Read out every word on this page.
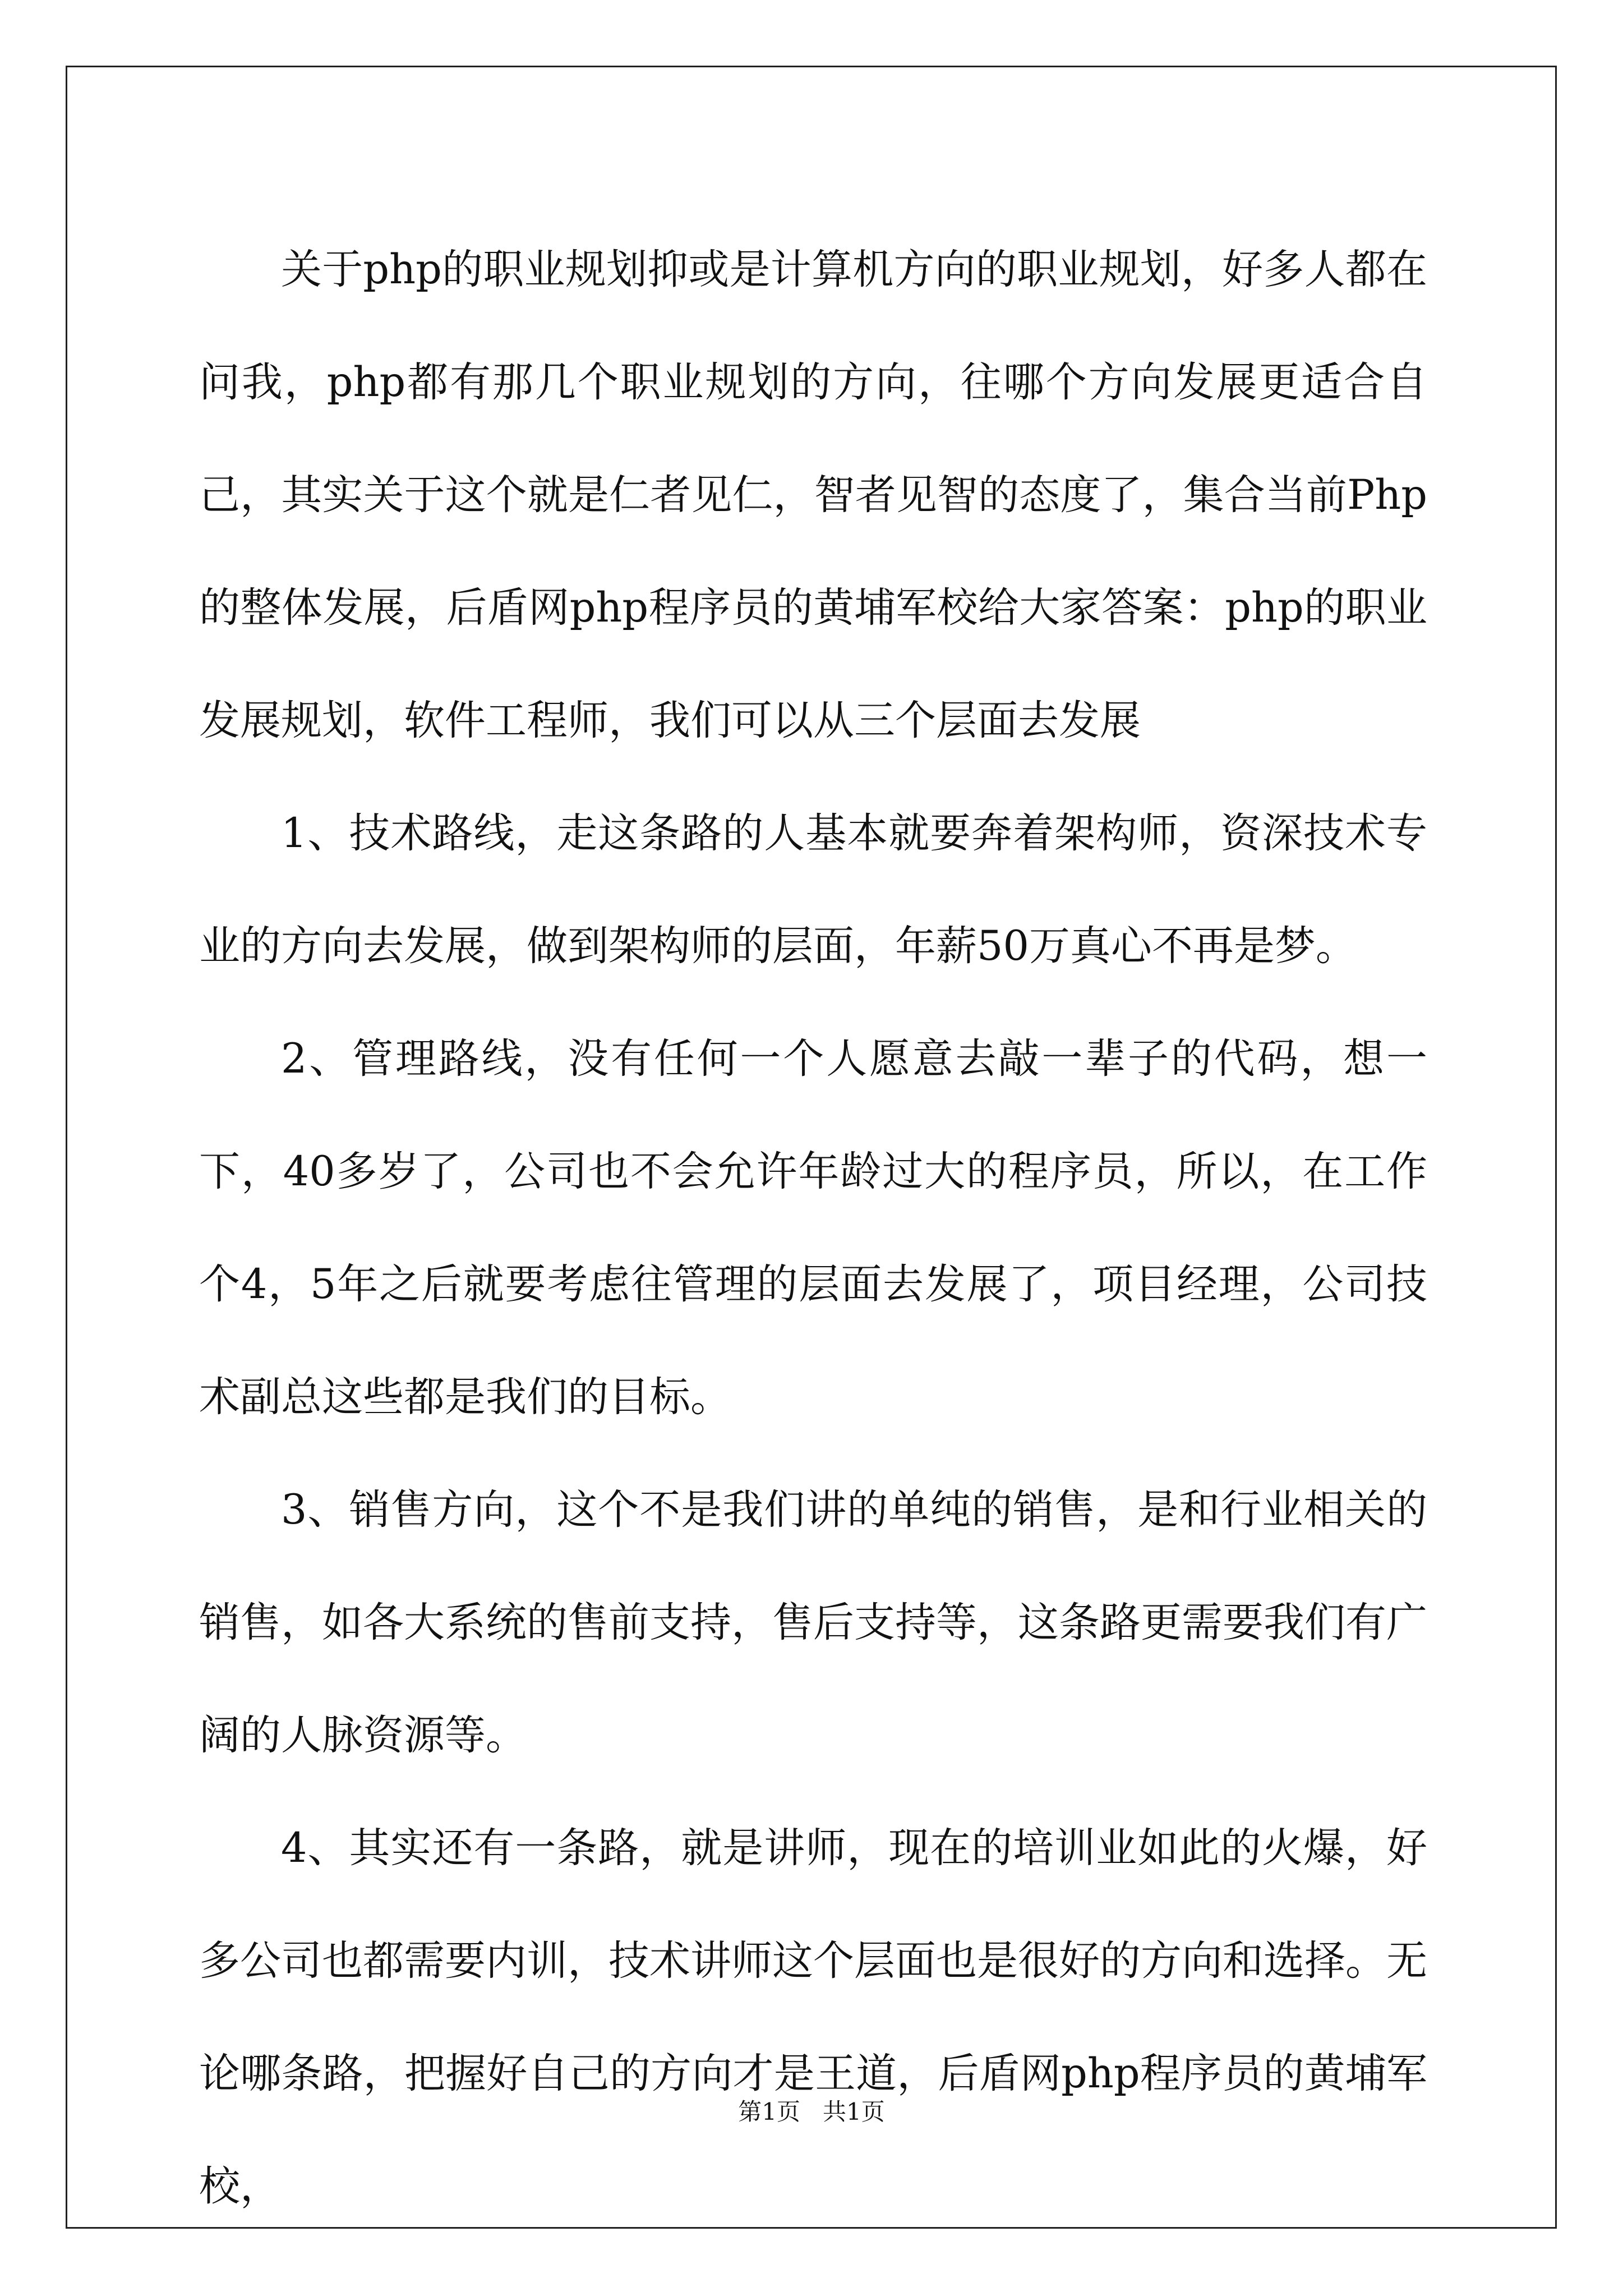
关于php的职业规划抑或是计算机方向的职业规划，好多人都在问我，php都有那几个职业规划的方向，往哪个方向发展更适合自己，其实关于这个就是仁者见仁，智者见智的态度了，集合当前Php的整体发展，后盾网php程序员的黄埔军校给大家答案：php的职业发展规划，软件工程师，我们可以从三个层面去发展

1、技术路线，走这条路的人基本就要奔着架构师，资深技术专业的方向去发展，做到架构师的层面，年薪50万真心不再是梦。

2、管理路线，没有任何一个人愿意去敲一辈子的代码，想一下，40多岁了，公司也不会允许年龄过大的程序员，所以，在工作个4，5年之后就要考虑往管理的层面去发展了，项目经理，公司技术副总这些都是我们的目标。

3、销售方向，这个不是我们讲的单纯的销售，是和行业相关的销售，如各大系统的售前支持，售后支持等，这条路更需要我们有广阔的人脉资源等。

4、其实还有一条路，就是讲师，现在的培训业如此的火爆，好多公司也都需要内训，技术讲师这个层面也是很好的方向和选择。无论哪条路，把握好自己的方向才是王道，后盾网php程序员的黄埔军校，

第1页 共1页
